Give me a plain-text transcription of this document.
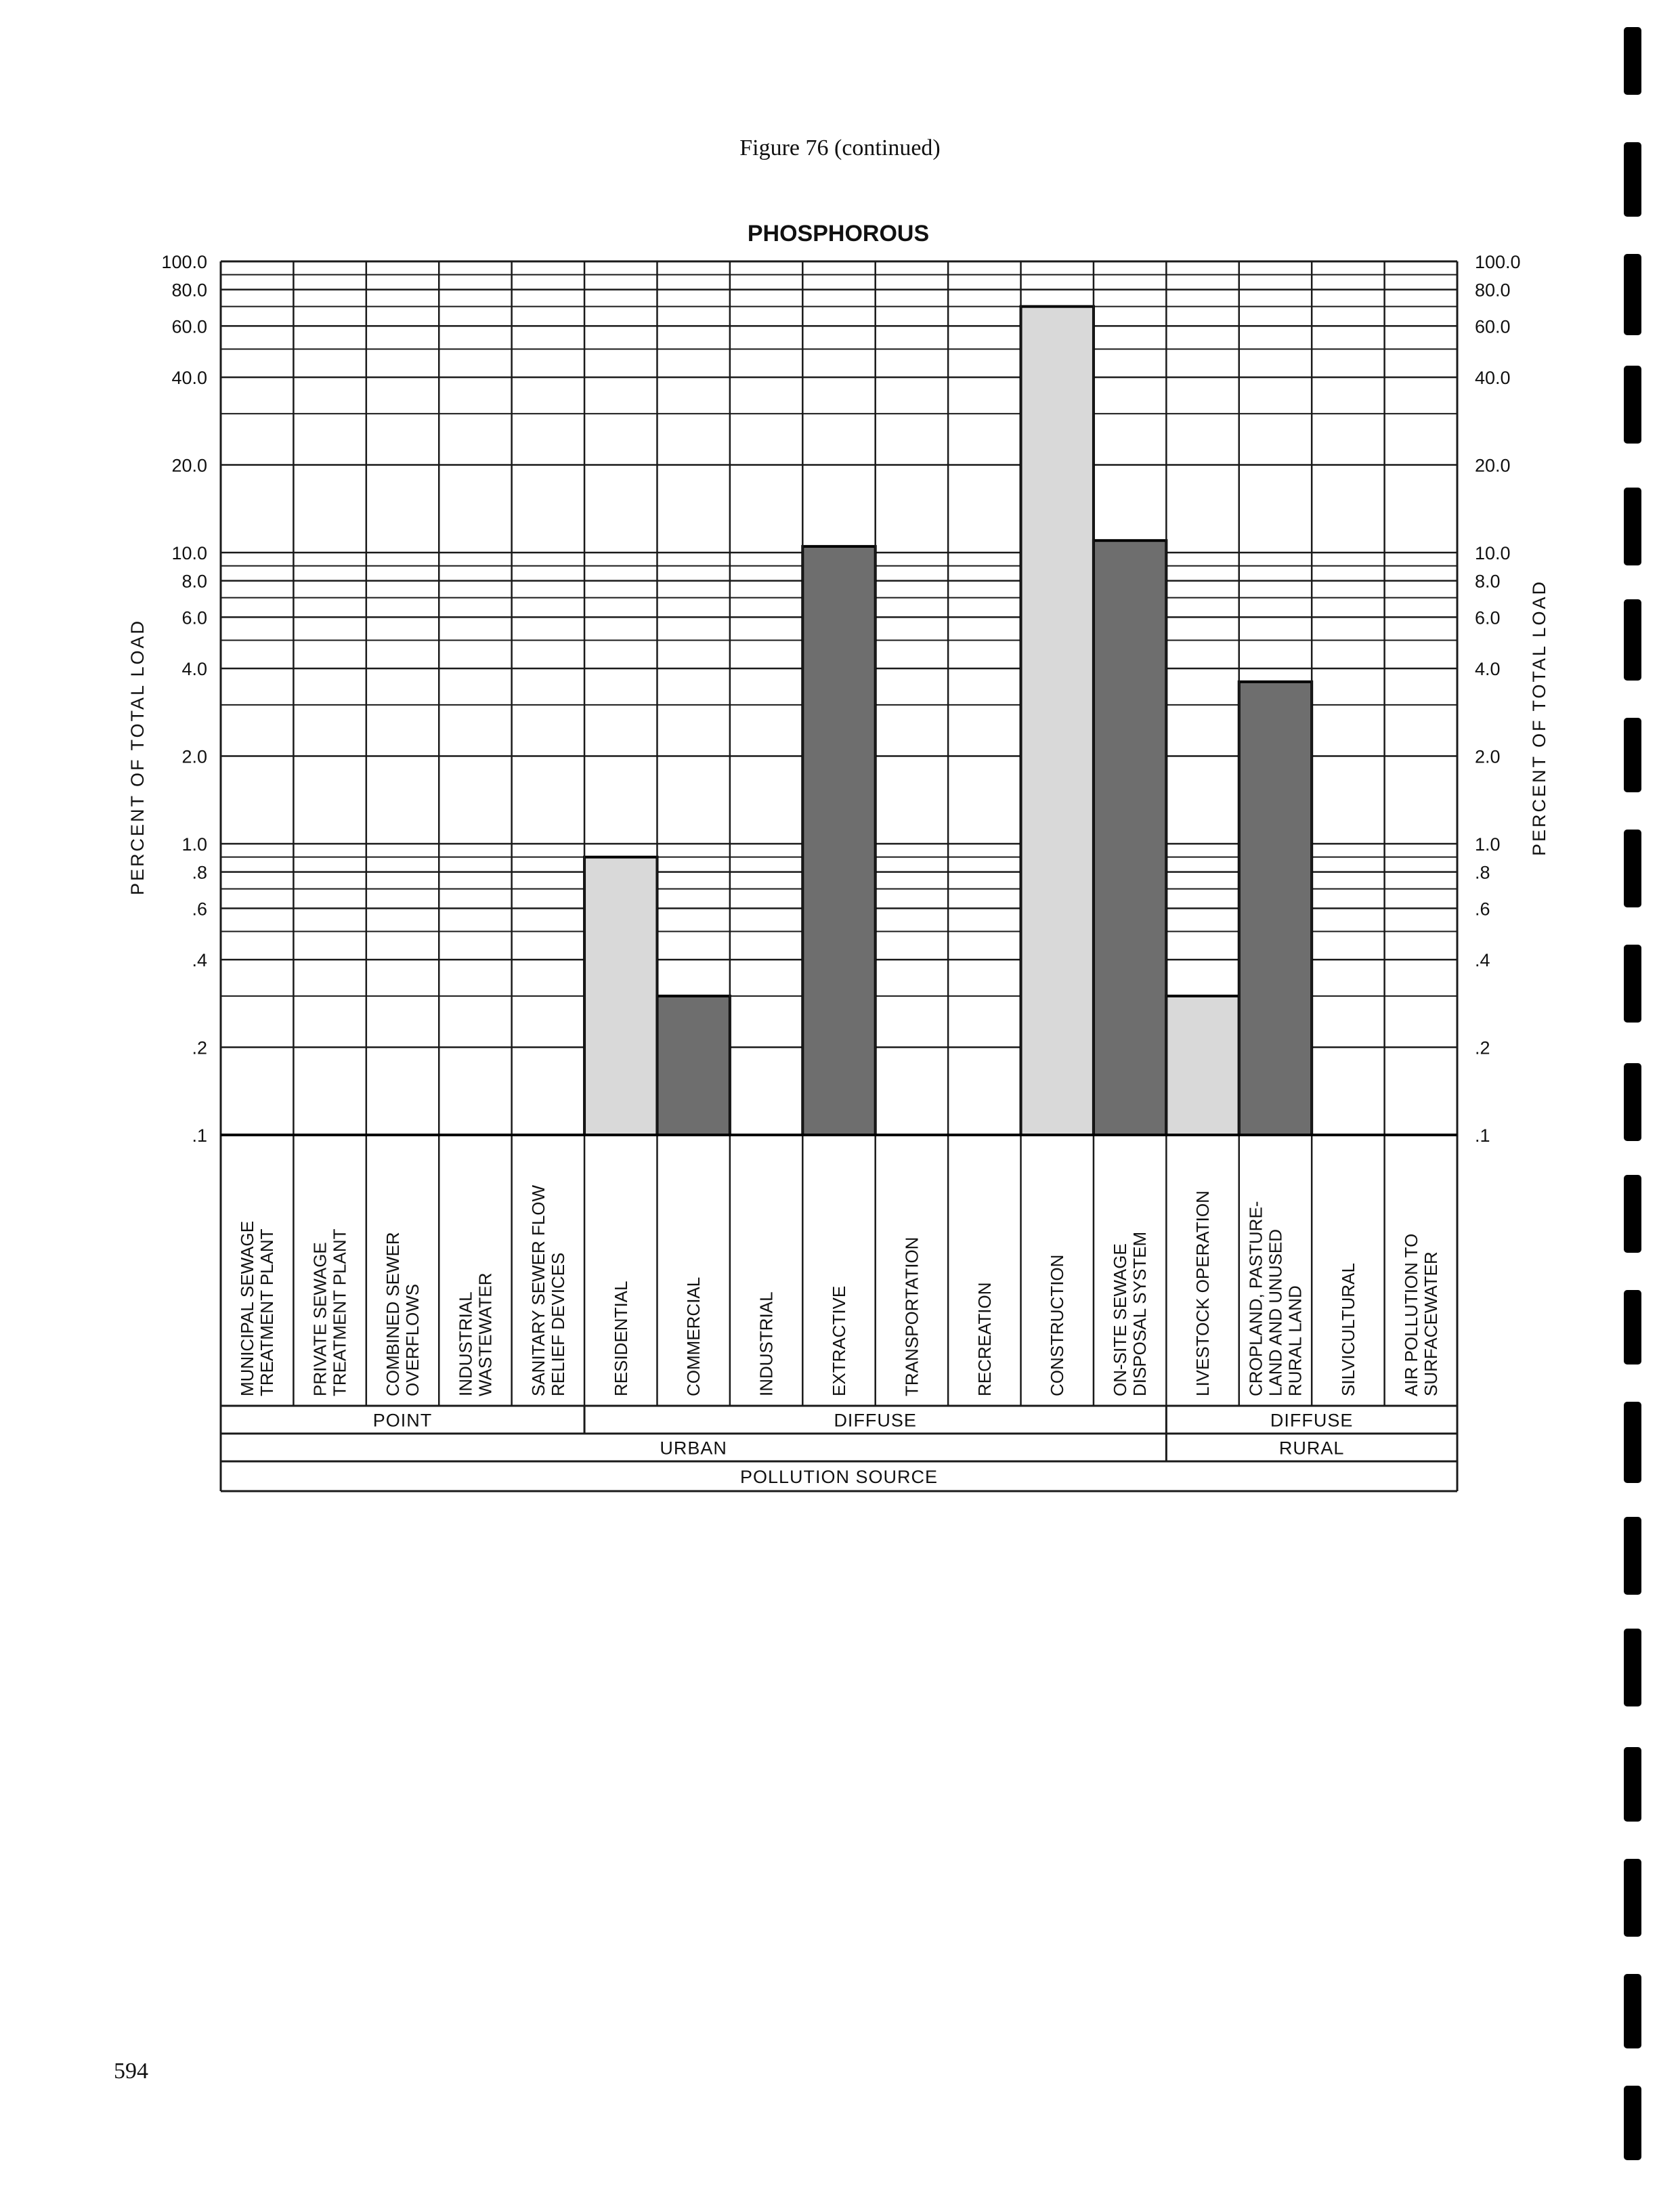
Figure 76 (continued)
PHOSPHOROUS
PERCENT OF TOTAL LOAD	PERCENT OF TOTAL LOAD
100.0	100.0
80.0	80.0
60.0	60.0
40.0	40.0
20.0	20.0
10.0	10.0
8.0	8.0
6.0	6.0
4.0	4.0
2.0	2.0
1.0	1.0
.8	.8
.6	.6
.4	.4
.2	.2
.1	.1
MUNICIPAL SEWAGETREATMENT PLANT PRIVATE SEWAGETREATMENT PLANT COMBINED SEWEROVERFLOWS INDUSTRIALWASTEWATER SANITARY SEWER FLOWRELIEF DEVICES RESIDENTIAL	COMMERCIAL	INDUSTRIAL	EXTRACTIVE	TRANSPORTATION	RECREATION	CONSTRUCTION ON-SITE SEWAGEDISPOSAL SYSTEM LIVESTOCK OPERATION CROPLAND, PASTURE-LAND AND UNUSEDRURAL LAND SILVICULTURAL AIR POLLUTION TOSURFACEWATER
POINT	DIFFUSE	DIFFUSE
URBAN	RURAL
POLLUTION SOURCE
594
